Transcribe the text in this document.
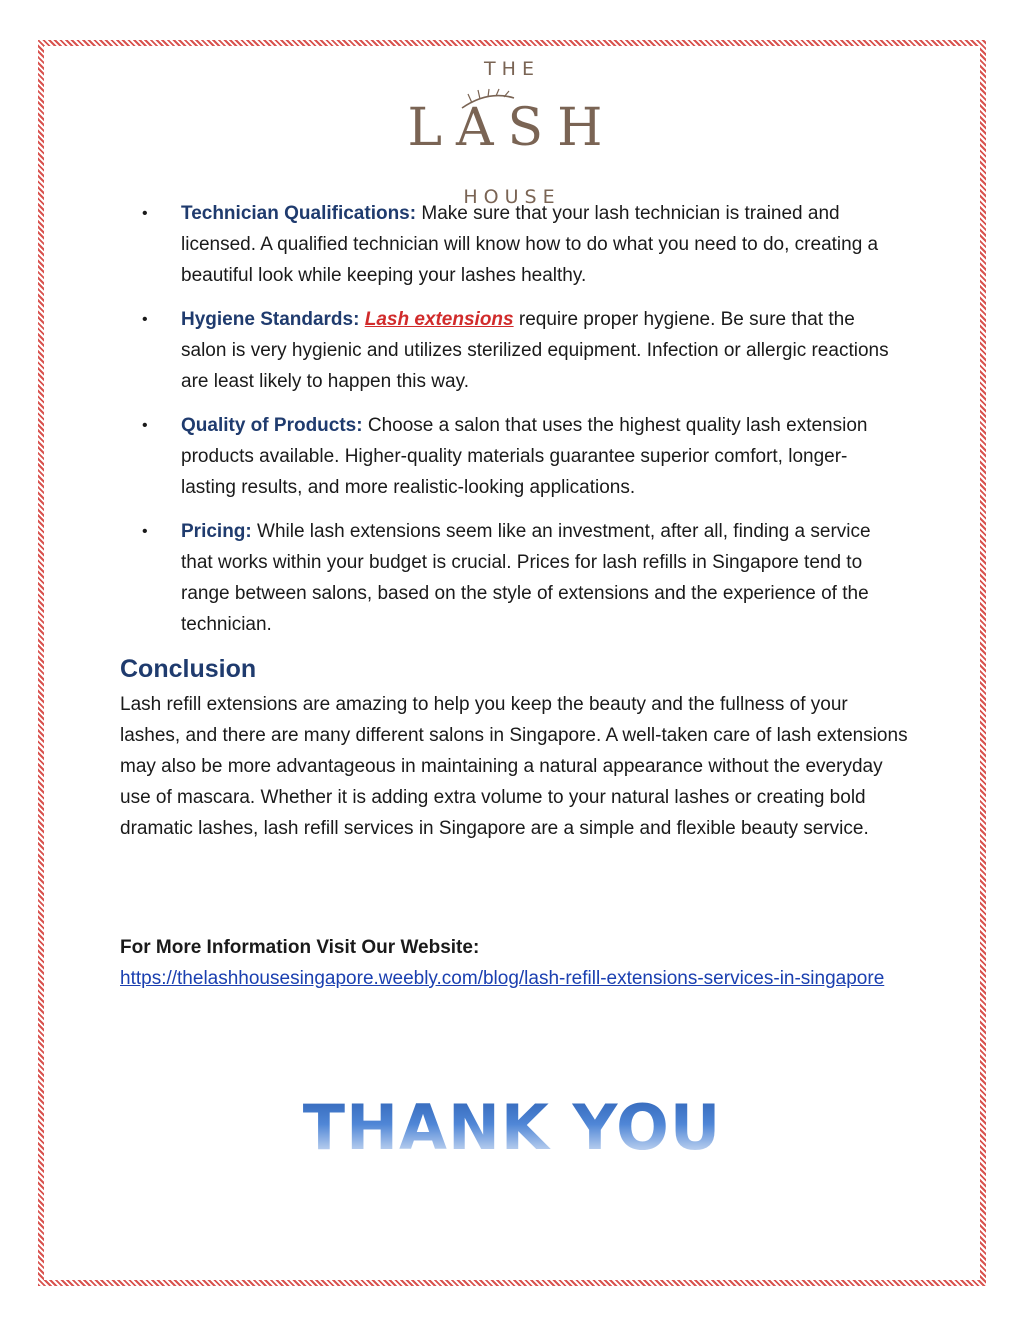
THE
LASH
HOUSE
• Technician Qualifications: Make sure that your lash technician is trained and licensed. A qualified technician will know how to do what you need to do, creating a beautiful look while keeping your lashes healthy.
• Hygiene Standards: Lash extensions require proper hygiene. Be sure that the salon is very hygienic and utilizes sterilized equipment. Infection or allergic reactions are least likely to happen this way.
• Quality of Products: Choose a salon that uses the highest quality lash extension products available. Higher-quality materials guarantee superior comfort, longer-lasting results, and more realistic-looking applications.
• Pricing: While lash extensions seem like an investment, after all, finding a service that works within your budget is crucial. Prices for lash refills in Singapore tend to range between salons, based on the style of extensions and the experience of the technician.
Conclusion

Lash refill extensions are amazing to help you keep the beauty and the fullness of your lashes, and there are many different salons in Singapore. A well-taken care of lash extensions may also be more advantageous in maintaining a natural appearance without the everyday use of mascara. Whether it is adding extra volume to your natural lashes or creating bold dramatic lashes, lash refill services in Singapore are a simple and flexible beauty service.

For More Information Visit Our Website:
https://thelashhousesingapore.weebly.com/blog/lash-refill-extensions-services-in-singapore
THANK YOU
